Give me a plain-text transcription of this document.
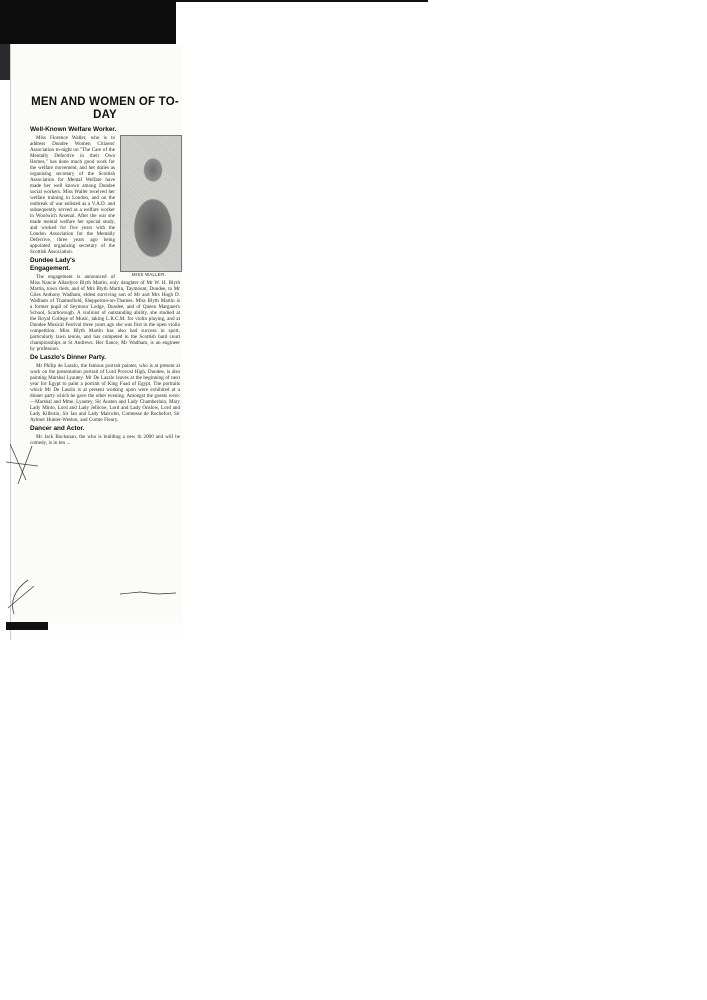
MEN AND WOMEN OF TO-DAY
Well-Known Welfare Worker.
MISS WALLER.

Miss Florence Waller, who is to address Dundee Women Citizens' Association to-night on "The Care of the Mentally Defective in their Own Homes," has done much good work for the welfare movement, and her duties as organising secretary of the Scottish Association for Mental Welfare have made her well known among Dundee social workers. Miss Waller received her welfare training in London, and on the outbreak of war enlisted as a V.A.D. and subsequently served as a welfare worker in Woolwich Arsenal. After the war she made mental welfare her special study, and worked for five years with the London Association for the Mentally Defective, three years ago being appointed organising secretary of the Scottish Association.

Dundee Lady's Engagement.

The engagement is announced of Miss Nancie Allardyce Blyth Martin, only daughter of Mr W. H. Blyth Martin, town clerk, and of Mrs Blyth Martin, Taymount, Dundee, to Mr Giles Anthony Wadham, eldest surviving son of Mr and Mrs Hugh D. Wadham of Thamesfield, Shepperton-on-Thames. Miss Blyth Martin is a former pupil of Seymour Lodge, Dundee, and of Queen Margaret's School, Scarborough. A violinist of outstanding ability, she studied at the Royal College of Music, taking L.R.C.M. for violin playing, and at Dundee Musical Festival three years ago she was first in the open violin competition. Miss Blyth Martin has also had success in sport, particularly lawn tennis, and has competed in the Scottish hard court championships at St Andrews. Her fiance, Mr Wadham, is an engineer by profession.

De Laszlo's Dinner Party.

Mr Philip de Laszlo, the famous portrait painter, who is at present at work on the presentation portrait of Lord Provost High, Dundee, is also painting Marshal Lyautey. Mr De Laszlo leaves at the beginning of next year for Egypt to paint a portrait of King Fuad of Egypt. The portraits which Mr De Laszlo is at present working upon were exhibited at a dinner party which he gave the other evening. Amongst the guests were:—Marshal and Mme. Lyautey, Sir Austen and Lady Chamberlain, Mary Lady Minto, Lord and Lady Jellicoe, Lord and Lady Onslow, Lord and Lady Kilbrain, Sir Ian and Lady Malcolm, Comtesse de Rochefort, Sir Aylmer Hunter-Weston, and Comte Fleury.

Dancer and Actor.

Mr Jack Buchanan, the who is building a new th 2000 and will be comedy, is in ten ...
